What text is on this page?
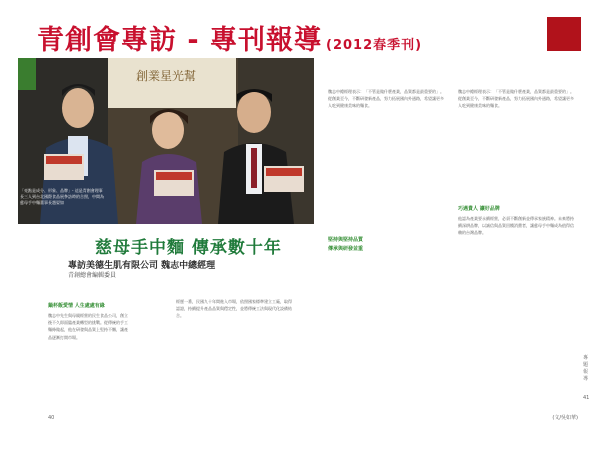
青創會專訪 - 專刊報導 (2012春季刊)
創業星光幫
「亮點是成分、形象、品牌」- 這是青創會理事長三人到台北國際食品展參訪時的合照，中間為慈母手中麵董事長趙晏如
慈母手中麵 傳承數十年
專訪美德生肌有限公司 魏志中總經理
青創總會編輯委員
鍋杯飯愛情 人生處處有緣
魏志中先生與母親經營的民生食品公司，創立後不久即面臨產業轉型的挑戰。從傳統的手工麵條做起，他在研發與品質上堅持不懈，讓產品逐漸打開市場。
經歷一番，民國九十年間進入市場，依照國家標準建立工廠，取得認證，持續提升產品品質與穩定性，並將傳統工法與現代化設備結合。
魏志中總經理表示：「不管是做什麼產業，品質都是最重要的」。從創業至今，不斷研發新產品，努力拓展國內外通路，希望讓更多人吃到健康美味的麵食。
堅持與堅持品質
傳承與研發並重
魏志中總經理表示：「不管是做什麼產業，品質都是最重要的」。從創業至今，不斷研發新產品，努力拓展國內外通路，希望讓更多人吃到健康美味的麵食。
巧遇貴人 讓好品牌
他認為產業要永續經營，必須不斷創新並傳承家族精神。未來將持續深耕品牌，以誠信與品質回饋消費者，讓慈母手中麵成為值得信賴的台灣品牌。
40	(文/吳如華)
專題報導
41
